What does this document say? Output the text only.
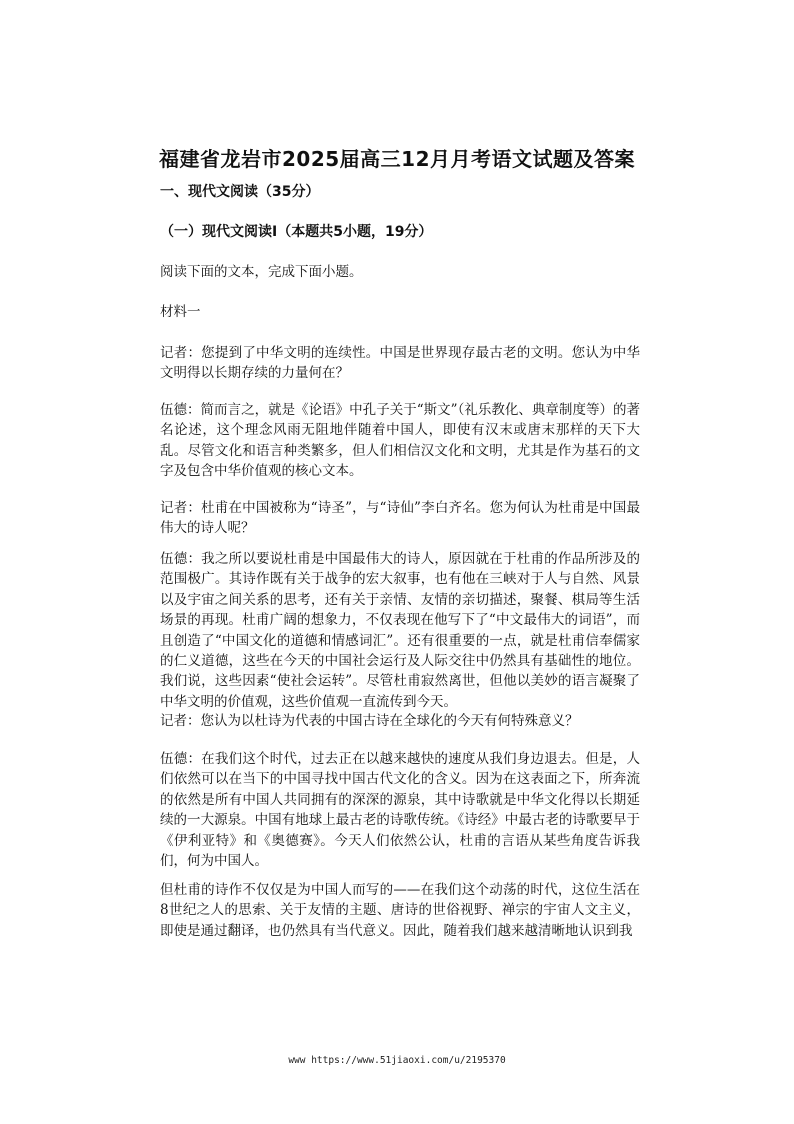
福建省龙岩市2025届高三12月月考语文试题及答案
一、现代文阅读（35分）
（一）现代文阅读Ⅰ（本题共5小题，19分）

阅读下面的文本，完成下面小题。

材料一

记者：您提到了中华文明的连续性。中国是世界现存最古老的文明。您认为中华文明得以长期存续的力量何在？

伍德：简而言之，就是《论语》中孔子关于“斯文”（礼乐教化、典章制度等）的著名论述，这个理念风雨无阻地伴随着中国人，即使有汉末或唐末那样的天下大乱。尽管文化和语言种类繁多，但人们相信汉文化和文明，尤其是作为基石的文字及包含中华价值观的核心文本。

记者：杜甫在中国被称为“诗圣”，与“诗仙”李白齐名。您为何认为杜甫是中国最伟大的诗人呢？

伍德：我之所以要说杜甫是中国最伟大的诗人，原因就在于杜甫的作品所涉及的范围极广。其诗作既有关于战争的宏大叙事，也有他在三峡对于人与自然、风景以及宇宙之间关系的思考，还有关于亲情、友情的亲切描述，聚餐、棋局等生活场景的再现。杜甫广阔的想象力，不仅表现在他写下了“中文最伟大的词语”，而且创造了“中国文化的道德和情感词汇”。还有很重要的一点，就是杜甫信奉儒家的仁义道德，这些在今天的中国社会运行及人际交往中仍然具有基础性的地位。我们说，这些因素“使社会运转”。尽管杜甫寂然离世，但他以美妙的语言凝聚了中华文明的价值观，这些价值观一直流传到今天。

记者：您认为以杜诗为代表的中国古诗在全球化的今天有何特殊意义？

伍德：在我们这个时代，过去正在以越来越快的速度从我们身边退去。但是，人们依然可以在当下的中国寻找中国古代文化的含义。因为在这表面之下，所奔流的依然是所有中国人共同拥有的深深的源泉，其中诗歌就是中华文化得以长期延续的一大源泉。中国有地球上最古老的诗歌传统。《诗经》中最古老的诗歌要早于《伊利亚特》和《奥德赛》。今天人们依然公认，杜甫的言语从某些角度告诉我们，何为中国人。

但杜甫的诗作不仅仅是为中国人而写的——在我们这个动荡的时代，这位生活在8世纪之人的思索、关于友情的主题、唐诗的世俗视野、禅宗的宇宙人文主义，即使是通过翻译，也仍然具有当代意义。因此，随着我们越来越清晰地认识到我

www https://www.51jiaoxi.com/u/2195370
